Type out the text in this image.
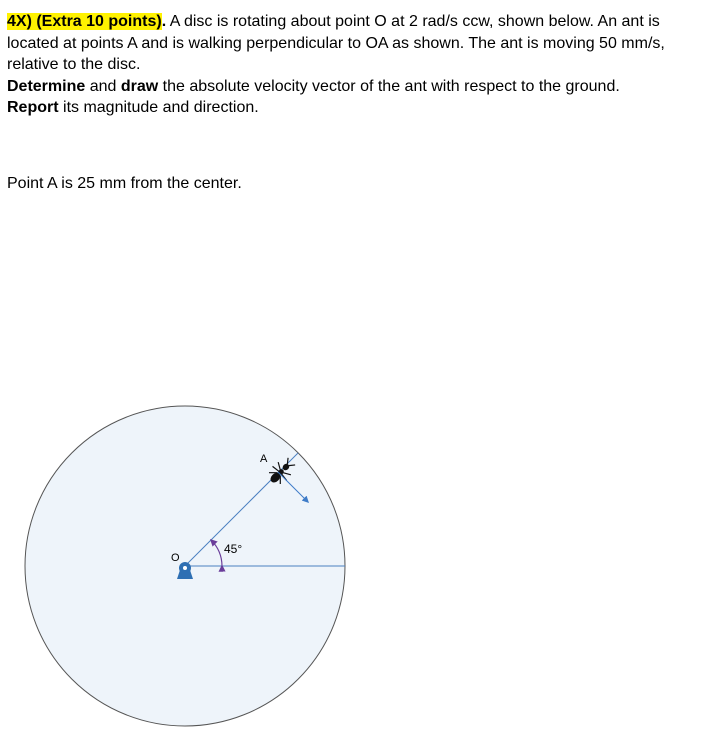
4X) (Extra 10 points). A disc is rotating about point O at 2 rad/s ccw, shown below. An ant is located at points A and is walking perpendicular to OA as shown. The ant is moving 50 mm/s, relative to the disc.

Determine and draw the absolute velocity vector of the ant with respect to the ground.

Report its magnitude and direction.

Point A is 25 mm from the center.
45°
O
A
